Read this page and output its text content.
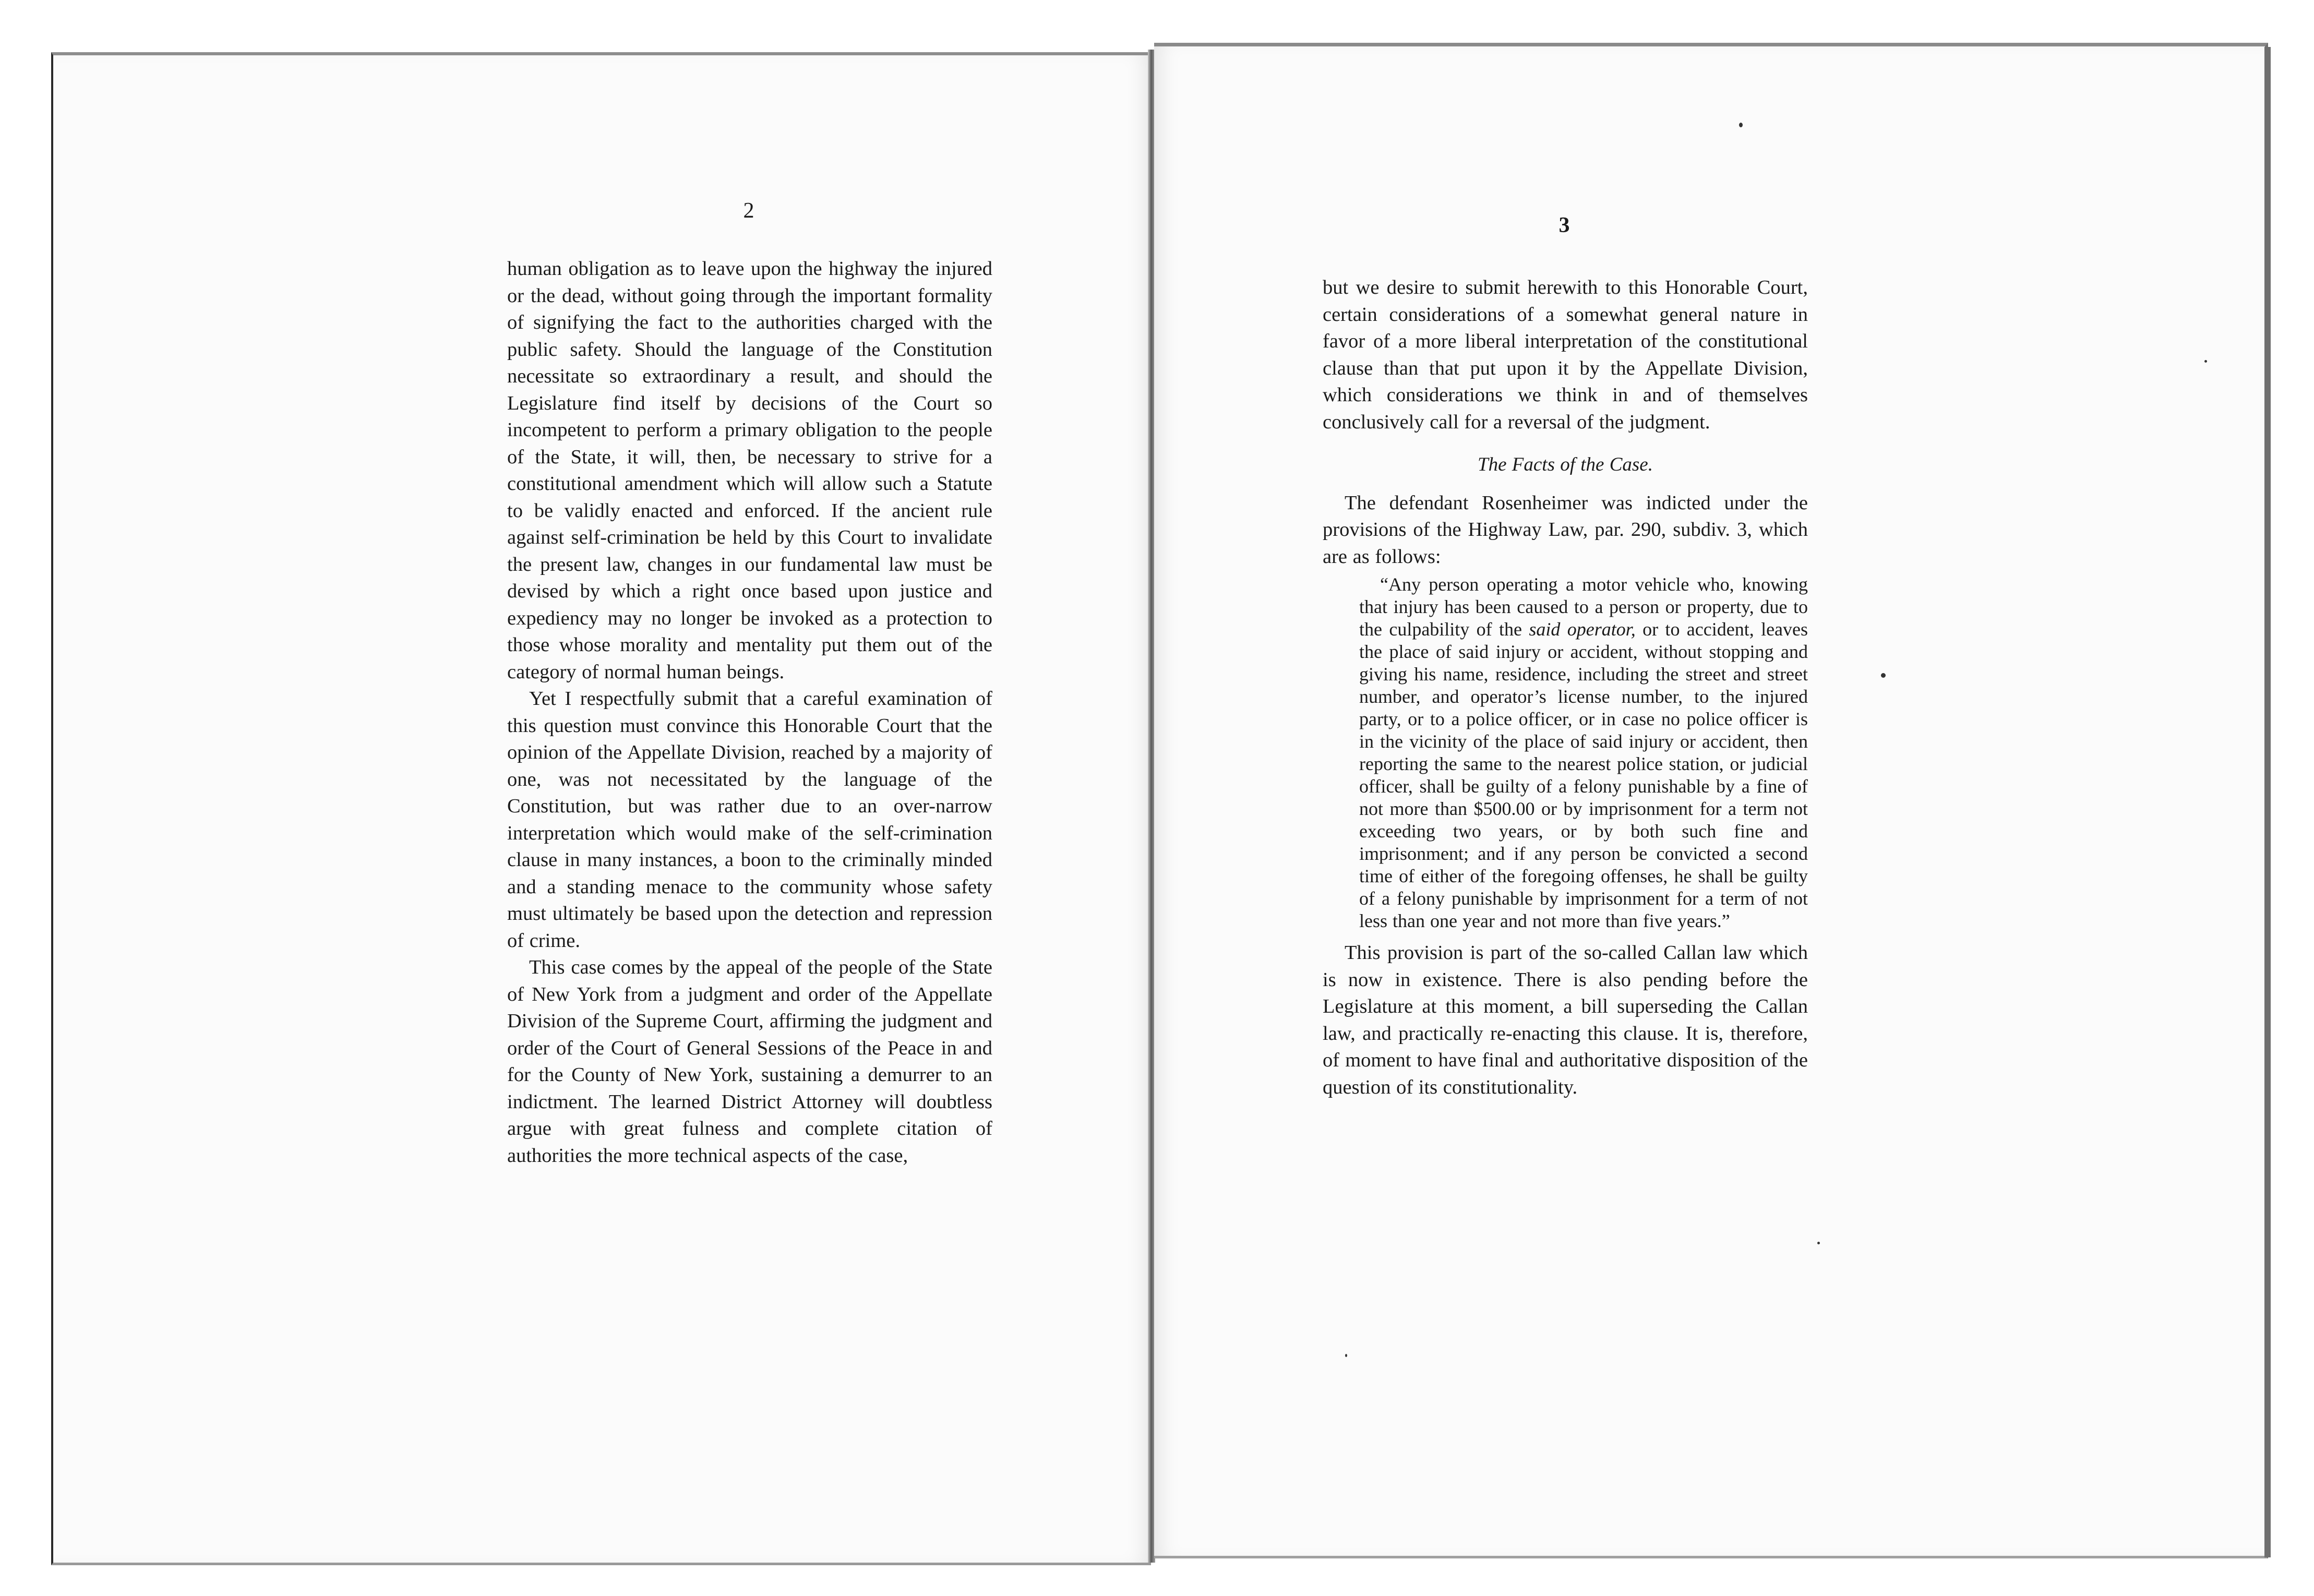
2

human obligation as to leave upon the highway the injured or the dead, without going through the important formality of signifying the fact to the authorities charged with the public safety. Should the language of the Constitution necessitate so extraordinary a result, and should the Legislature find itself by decisions of the Court so incompetent to perform a primary obligation to the people of the State, it will, then, be necessary to strive for a constitutional amendment which will allow such a Statute to be validly enacted and enforced. If the ancient rule against self-crimination be held by this Court to invalidate the present law, changes in our fundamental law must be devised by which a right once based upon justice and expediency may no longer be invoked as a protection to those whose morality and mentality put them out of the category of normal human beings.

Yet I respectfully submit that a careful examination of this question must convince this Honorable Court that the opinion of the Appellate Division, reached by a majority of one, was not necessitated by the language of the Constitution, but was rather due to an over-narrow interpretation which would make of the self-crimination clause in many instances, a boon to the criminally minded and a standing menace to the community whose safety must ultimately be based upon the detection and repression of crime.

This case comes by the appeal of the people of the State of New York from a judgment and order of the Appellate Division of the Supreme Court, affirming the judgment and order of the Court of General Sessions of the Peace in and for the County of New York, sustaining a demurrer to an indictment. The learned District Attorney will doubtless argue with great fulness and complete citation of authorities the more technical aspects of the case,

3

but we desire to submit herewith to this Honorable Court, certain considerations of a somewhat general nature in favor of a more liberal interpretation of the constitutional clause than that put upon it by the Appellate Division, which considerations we think in and of themselves conclusively call for a reversal of the judgment.

The Facts of the Case.

The defendant Rosenheimer was indicted under the provisions of the Highway Law, par. 290, subdiv. 3, which are as follows:

“Any person operating a motor vehicle who, knowing that injury has been caused to a person or property, due to the culpability of the said operator, or to accident, leaves the place of said injury or accident, without stopping and giving his name, residence, including the street and street number, and operator’s license number, to the injured party, or to a police officer, or in case no police officer is in the vicinity of the place of said injury or accident, then reporting the same to the nearest police station, or judicial officer, shall be guilty of a felony punishable by a fine of not more than $500.00 or by imprisonment for a term not exceeding two years, or by both such fine and imprisonment; and if any person be convicted a second time of either of the foregoing offenses, he shall be guilty of a felony punishable by imprisonment for a term of not less than one year and not more than five years.”

This provision is part of the so-called Callan law which is now in existence. There is also pending before the Legislature at this moment, a bill superseding the Callan law, and practically re-enacting this clause. It is, therefore, of moment to have final and authoritative disposition of the question of its constitutionality.
